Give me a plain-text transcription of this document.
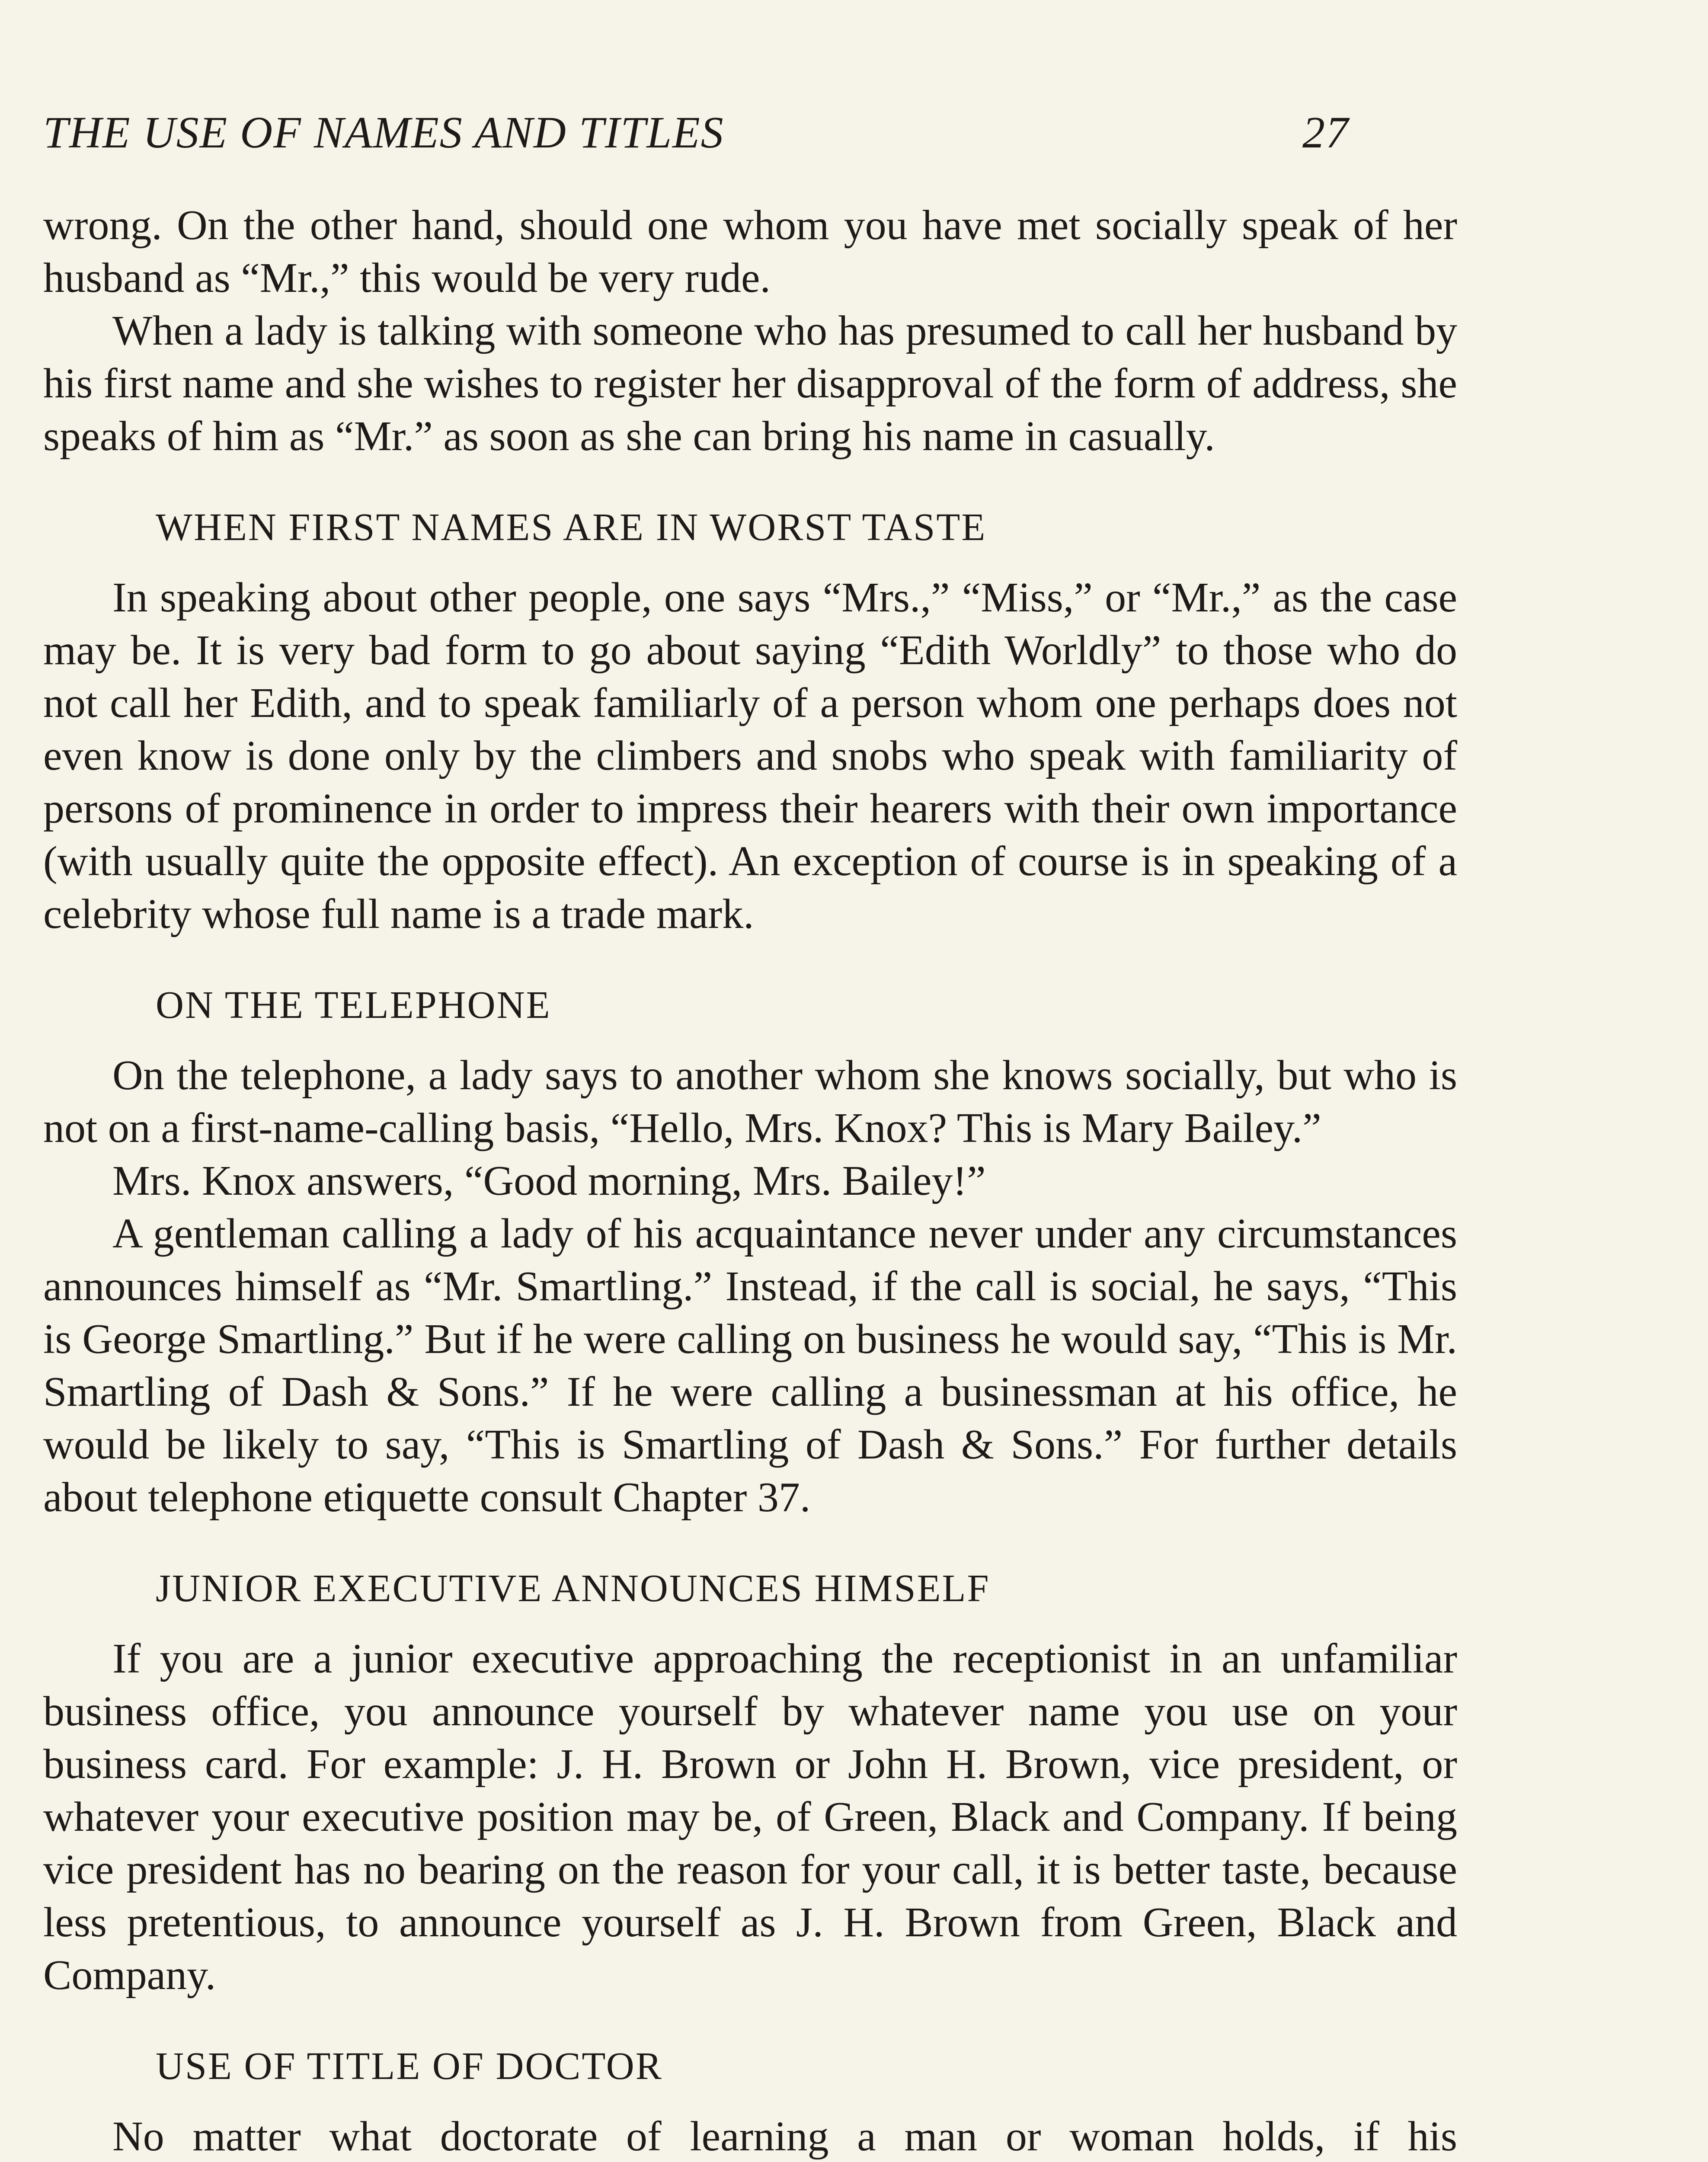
THE USE OF NAMES AND TITLES	27

wrong. On the other hand, should one whom you have met socially speak of her husband as “Mr.,” this would be very rude.

When a lady is talking with someone who has presumed to call her husband by his first name and she wishes to register her disapproval of the form of address, she speaks of him as “Mr.” as soon as she can bring his name in casually.

WHEN FIRST NAMES ARE IN WORST TASTE

In speaking about other people, one says “Mrs.,” “Miss,” or “Mr.,” as the case may be. It is very bad form to go about saying “Edith Worldly” to those who do not call her Edith, and to speak familiarly of a person whom one perhaps does not even know is done only by the climbers and snobs who speak with familiarity of persons of prominence in order to impress their hearers with their own importance (with usually quite the opposite effect). An exception of course is in speaking of a celebrity whose full name is a trade mark.

ON THE TELEPHONE

On the telephone, a lady says to another whom she knows socially, but who is not on a first-name-calling basis, “Hello, Mrs. Knox? This is Mary Bailey.”

Mrs. Knox answers, “Good morning, Mrs. Bailey!”

A gentleman calling a lady of his acquaintance never under any circumstances announces himself as “Mr. Smartling.” Instead, if the call is social, he says, “This is George Smartling.” But if he were calling on business he would say, “This is Mr. Smartling of Dash & Sons.” If he were calling a businessman at his office, he would be likely to say, “This is Smartling of Dash & Sons.” For further details about telephone etiquette consult Chapter 37.

JUNIOR EXECUTIVE ANNOUNCES HIMSELF

If you are a junior executive approaching the receptionist in an unfamiliar business office, you announce yourself by whatever name you use on your business card. For example: J. H. Brown or John H. Brown, vice president, or whatever your executive position may be, of Green, Black and Company. If being vice president has no bearing on the reason for your call, it is better taste, because less pretentious, to announce yourself as J. H. Brown from Green, Black and Company.

USE OF TITLE OF DOCTOR

No matter what doctorate of learning a man or woman holds, if his
